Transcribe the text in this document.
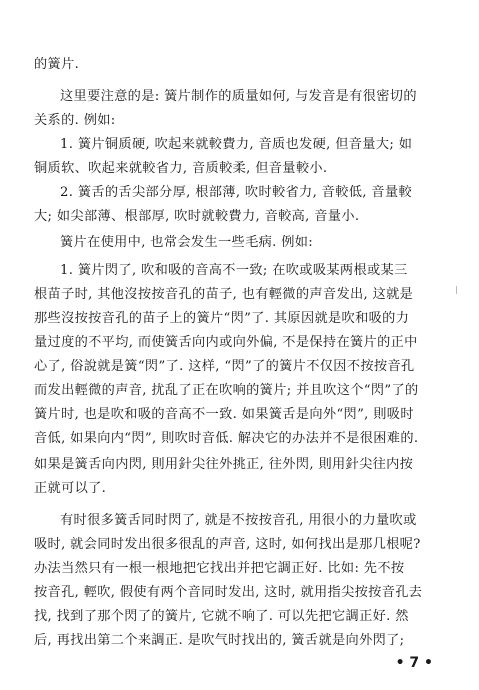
的簧片.
这里要注意的是: 簧片制作的质量如何, 与发音是有很密切的
关系的. 例如:
1. 簧片铜质硬, 吹起来就較費力, 音质也发硬, 但音量大; 如
铜质软、吹起来就較省力, 音质較柔, 但音量較小.
2. 簧舌的舌尖部分厚, 根部薄, 吹时較省力, 音較低, 音量較
大; 如尖部薄、根部厚, 吹时就較費力, 音較高, 音量小.
簧片在使用中, 也常会发生一些毛病. 例如:
1. 簧片閃了, 吹和吸的音高不一致; 在吹或吸某两根或某三
根苗子时, 其他沒按按音孔的苗子, 也有輕微的声音发出, 这就是
那些沒按按音孔的苗子上的簧片“閃”了. 其原因就是吹和吸的力
量过度的不平均, 而使簧舌向内或向外偏, 不是保持在簧片的正中
心了, 俗說就是簧“閃”了. 这样, “閃”了的簧片不仅因不按按音孔
而发出輕微的声音, 扰乱了正在吹响的簧片; 并且吹这个“閃”了的
簧片时, 也是吹和吸的音高不一致. 如果簧舌是向外“閃”, 則吸时
音低, 如果向内“閃”, 則吹时音低. 解决它的办法并不是很困难的.
如果是簧舌向内閃, 則用針尖往外挑正, 往外閃, 則用針尖往内按
正就可以了.
有时很多簧舌同时閃了, 就是不按按音孔, 用很小的力量吹或
吸时, 就会同时发出很多很乱的声音, 这时, 如何找出是那几根呢?
办法当然只有一根一根地把它找出并把它調正好. 比如: 先不按
按音孔, 輕吹, 假使有两个音同时发出, 这时, 就用指尖按按音孔去
找, 找到了那个閃了的簧片, 它就不响了. 可以先把它調正好. 然
后, 再找出第二个来調正. 是吹气时找出的, 簧舌就是向外閃了;
• 7 •
